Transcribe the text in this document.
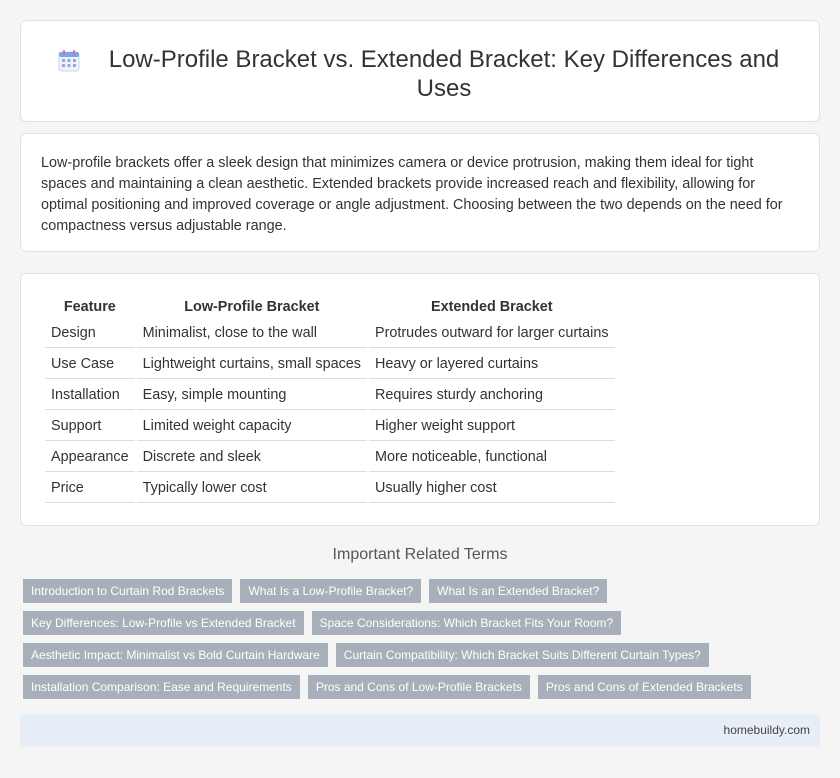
Low-Profile Bracket vs. Extended Bracket: Key Differences and Uses

Low-profile brackets offer a sleek design that minimizes camera or device protrusion, making them ideal for tight spaces and maintaining a clean aesthetic. Extended brackets provide increased reach and flexibility, allowing for optimal positioning and improved coverage or angle adjustment. Choosing between the two depends on the need for compactness versus adjustable range.

Feature	Low-Profile Bracket	Extended Bracket
Design	Minimalist, close to the wall	Protrudes outward for larger curtains
Use Case	Lightweight curtains, small spaces	Heavy or layered curtains
Installation	Easy, simple mounting	Requires sturdy anchoring
Support	Limited weight capacity	Higher weight support
Appearance	Discrete and sleek	More noticeable, functional
Price	Typically lower cost	Usually higher cost
Important Related Terms
Introduction to Curtain Rod Brackets	What Is a Low-Profile Bracket?	What Is an Extended Bracket?
Key Differences: Low-Profile vs Extended Bracket	Space Considerations: Which Bracket Fits Your Room?
Aesthetic Impact: Minimalist vs Bold Curtain Hardware	Curtain Compatibility: Which Bracket Suits Different Curtain Types?
Installation Comparison: Ease and Requirements	Pros and Cons of Low-Profile Brackets	Pros and Cons of Extended Brackets
homebuildy.com
